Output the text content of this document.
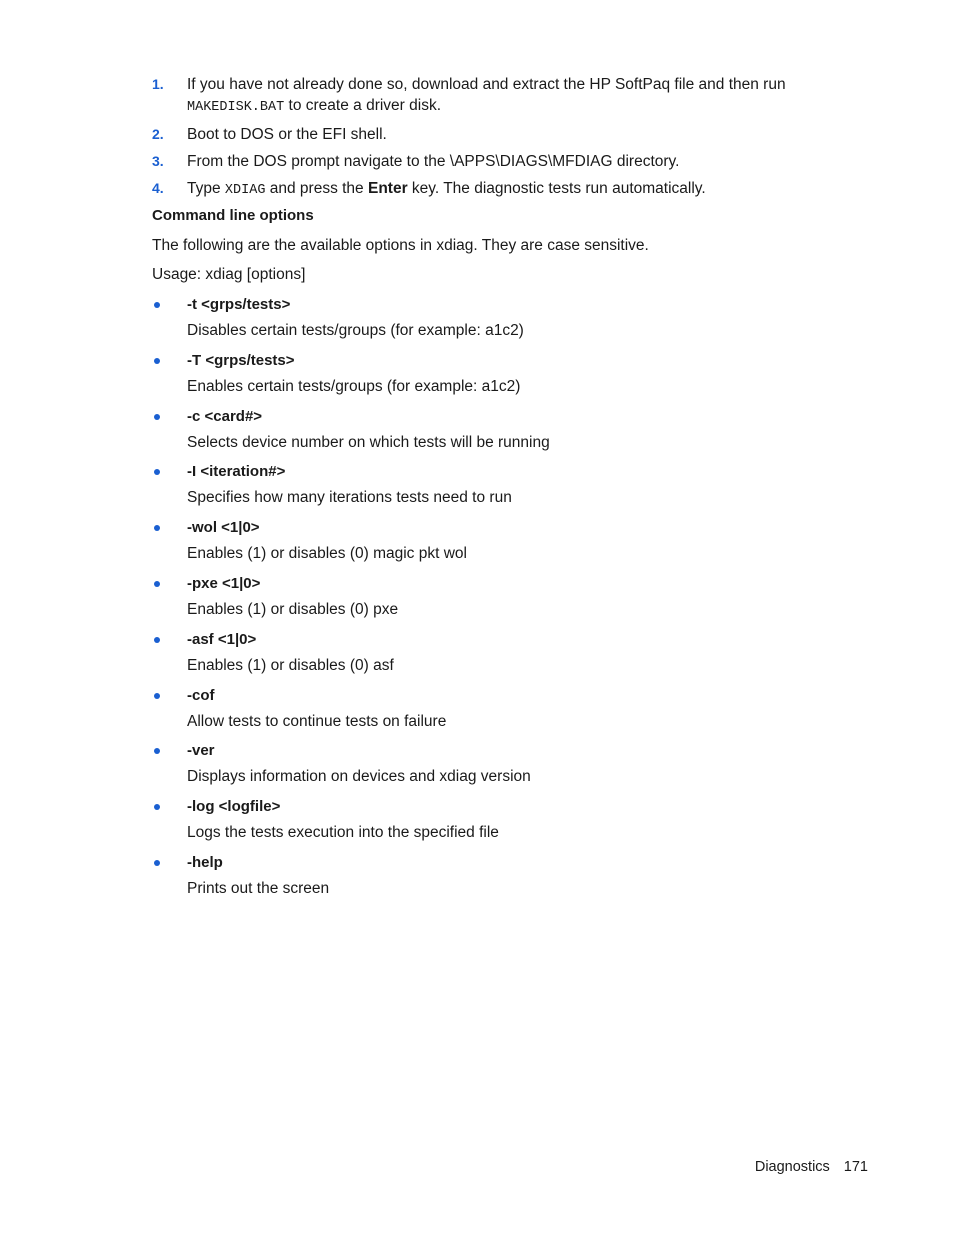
1. If you have not already done so, download and extract the HP SoftPaq file and then run
MAKEDISK.BAT to create a driver disk.
2. Boot to DOS or the EFI shell.
3. From the DOS prompt navigate to the \APPS\DIAGS\MFDIAG directory.
4. Type XDIAG and press the Enter key. The diagnostic tests run automatically.
Command line options
The following are the available options in xdiag. They are case sensitive.
Usage: xdiag [options]
-t <grps/tests>
Disables certain tests/groups (for example: a1c2)
-T <grps/tests>
Enables certain tests/groups (for example: a1c2)
-c <card#>
Selects device number on which tests will be running
-I <iteration#>
Specifies how many iterations tests need to run
-wol <1|0>
Enables (1) or disables (0) magic pkt wol
-pxe <1|0>
Enables (1) or disables (0) pxe
-asf <1|0>
Enables (1) or disables (0) asf
-cof
Allow tests to continue tests on failure
-ver
Displays information on devices and xdiag version
-log <logfile>
Logs the tests execution into the specified file
-help
Prints out the screen
Diagnostics 171
